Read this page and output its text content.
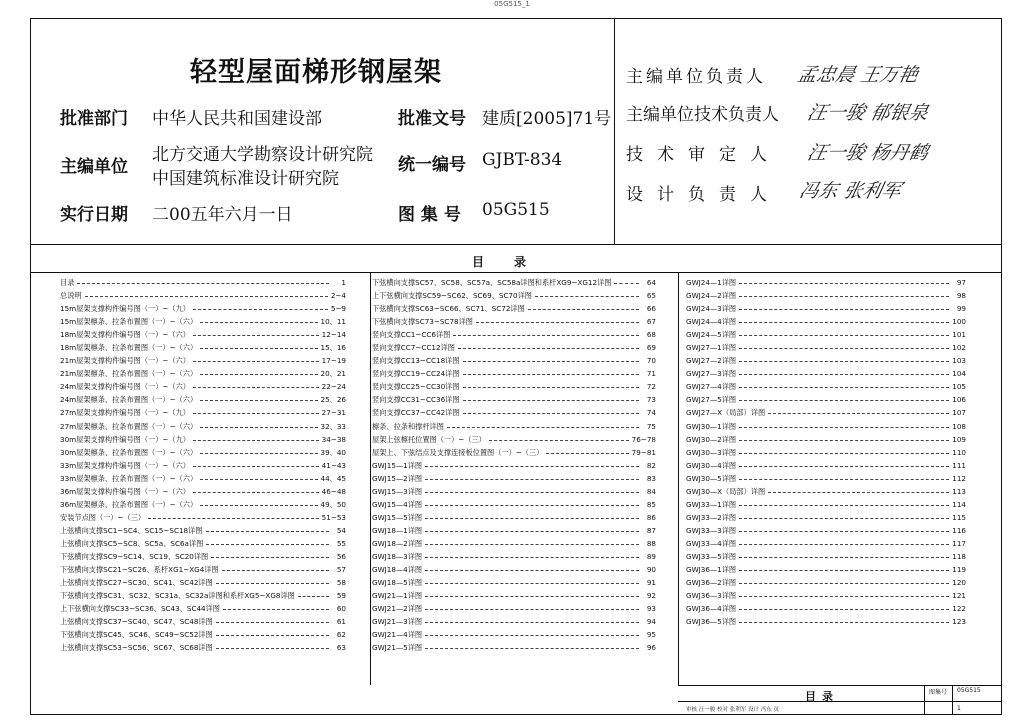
05G515_1
轻型屋面梯形钢屋架
批准部门 中华人民共和国建设部	批准文号 建质[2005]71号
主编单位
北方交通大学勘察设计研究院
中国建筑标准设计研究院
统一编号 GJBT-834
实行日期 二00五年六月一日	图 集 号 05G515
主编单位负责人 孟忠晨 王万艳
主编单位技术负责人 汪一骏 郁银泉
技术审定人 汪一骏 杨丹鹤
设计负责人 冯东 张利军
目录
目录	1
总说明	2~4
15m屋架支撑构件编号图（一）~（九）	5~9
15m屋架檩条、拉条布置图（一）~（六）	10、11
18m屋架支撑构件编号图（一）~（六）	12~14
18m屋架檩条、拉条布置图（一）~（六）	15、16
21m屋架支撑构件编号图（一）~（六）	17~19
21m屋架檩条、拉条布置图（一）~（六）	20、21
24m屋架支撑构件编号图（一）~（六）	22~24
24m屋架檩条、拉条布置图（一）~（六）	25、26
27m屋架支撑构件编号图（一）~（九）	27~31
27m屋架檩条、拉条布置图（一）~（六）	32、33
30m屋架支撑构件编号图（一）~（九）	34~38
30m屋架檩条、拉条布置图（一）~（六）	39、40
33m屋架支撑构件编号图（一）~（六）	41~43
33m屋架檩条、拉条布置图（一）~（六）	44、45
36m屋架支撑构件编号图（一）~（六）	46~48
36m屋架檩条、拉条布置图（一）~（六）	49、50
安装节点图（一）~（三）	51~53
上弦横向支撑SC1~SC4、SC15~SC18详图	54
上弦横向支撑SC5~SC8、SC5a、SC6a详图	55
下弦横向支撑SC9~SC14、SC19、SC20详图	56
下弦横向支撑SC21~SC26、系杆XG1~XG4详图	57
上弦横向支撑SC27~SC30、SC41、SC42详图	58
下弦横向支撑SC31、SC32、SC31a、SC32a详图和系杆XG5~XG8详图	59
上下弦横向支撑SC33~SC36、SC43、SC44详图	60
上弦横向支撑SC37~SC40、SC47、SC48详图	61
下弦横向支撑SC45、SC46、SC49~SC52详图	62
上弦横向支撑SC53~SC56、SC67、SC68详图	63
下弦横向支撑SC57、SC58、SC57a、SC58a详图和系杆XG9~XG12详图	64
上下弦横向支撑SC59~SC62、SC69、SC70详图	65
下弦横向支撑SC63~SC66、SC71、SC72详图	66
下弦横向支撑SC73~SC78详图	67
竖向支撑CC1~CC6详图	68
竖向支撑CC7~CC12详图	69
竖向支撑CC13~CC18详图	70
竖向支撑CC19~CC24详图	71
竖向支撑CC25~CC30详图	72
竖向支撑CC31~CC36详图	73
竖向支撑CC37~CC42详图	74
檩条、拉条和撑杆详图	75
屋架上弦檩托位置图（一）~（三）	76~78
屋架上、下弦结点及支撑连接板位置图（一）~（三）	79~81
GWJ15—1详图	82
GWJ15—2详图	83
GWJ15—3详图	84
GWJ15—4详图	85
GWJ15—5详图	86
GWJ18—1详图	87
GWJ18—2详图	88
GWJ18—3详图	89
GWJ18—4详图	90
GWJ18—5详图	91
GWJ21—1详图	92
GWJ21—2详图	93
GWJ21—3详图	94
GWJ21—4详图	95
GWJ21—5详图	96
GWJ24—1详图	97
GWJ24—2详图	98
GWJ24—3详图	99
GWJ24—4详图	100
GWJ24—5详图	101
GWJ27—1详图	102
GWJ27—2详图	103
GWJ27—3详图	104
GWJ27—4详图	105
GWJ27—5详图	106
GWJ27—X（局部）详图	107
GWJ30—1详图	108
GWJ30—2详图	109
GWJ30—3详图	110
GWJ30—4详图	111
GWJ30—5详图	112
GWJ30—X（局部）详图	113
GWJ33—1详图	114
GWJ33—2详图	115
GWJ33—3详图	116
GWJ33—4详图	117
GWJ33—5详图	118
GWJ36—1详图	119
GWJ36—2详图	120
GWJ36—3详图	121
GWJ36—4详图	122
GWJ36—5详图	123
目录	图集号 05G515
审核 汪一骏 校对 张利军 设计 冯东 页	1
